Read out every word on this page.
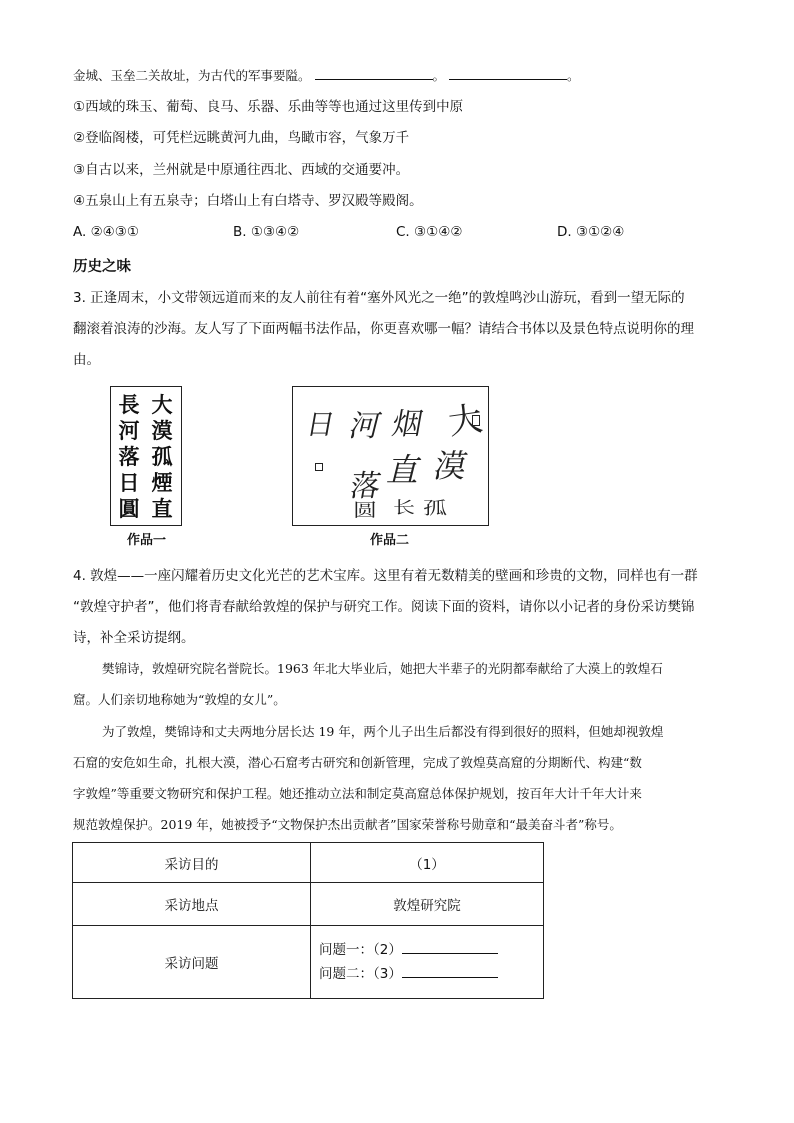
金城、玉垒二关故址，为古代的军事要隘。	。	。
①西域的珠玉、葡萄、良马、乐器、乐曲等等也通过这里传到中原
②登临阁楼，可凭栏远眺黄河九曲，鸟瞰市容，气象万千
③自古以来，兰州就是中原通往西北、西域的交通要冲。
④五泉山上有五泉寺；白塔山上有白塔寺、罗汉殿等殿阁。
A. ②④③①	B. ①③④②	C. ③①④②	D. ③①②④
历史之味
3. 正逢周末，小文带领远道而来的友人前往有着“塞外风光之一绝”的敦煌鸣沙山游玩，看到一望无际的
翻滚着浪涛的沙海。友人写了下面两幅书法作品，你更喜欢哪一幅？请结合书体以及景色特点说明你的理
由。
大
漠
孤
煙
直
長
河
落
日
圓
作品一
大
漠
孤
烟
直
长
河
落
日
圆
作品二
4. 敦煌——一座闪耀着历史文化光芒的艺术宝库。这里有着无数精美的壁画和珍贵的文物，同样也有一群
“敦煌守护者”，他们将青春献给敦煌的保护与研究工作。阅读下面的资料，请你以小记者的身份采访樊锦
诗，补全采访提纲。
樊锦诗，敦煌研究院名誉院长。1963 年北大毕业后，她把大半辈子的光阴都奉献给了大漠上的敦煌石
窟。人们亲切地称她为“敦煌的女儿”。
为了敦煌，樊锦诗和丈夫两地分居长达 19 年，两个儿子出生后都没有得到很好的照料，但她却视敦煌
石窟的安危如生命，扎根大漠，潜心石窟考古研究和创新管理，完成了敦煌莫高窟的分期断代、构建“数
字敦煌”等重要文物研究和保护工程。她还推动立法和制定莫高窟总体保护规划，按百年大计千年大计来
规范敦煌保护。2019 年，她被授予“文物保护杰出贡献者”国家荣誉称号勋章和“最美奋斗者”称号。
采访目的	（1）
采访地点	敦煌研究院
采访问题	问题一：（2）
问题二：（3）
